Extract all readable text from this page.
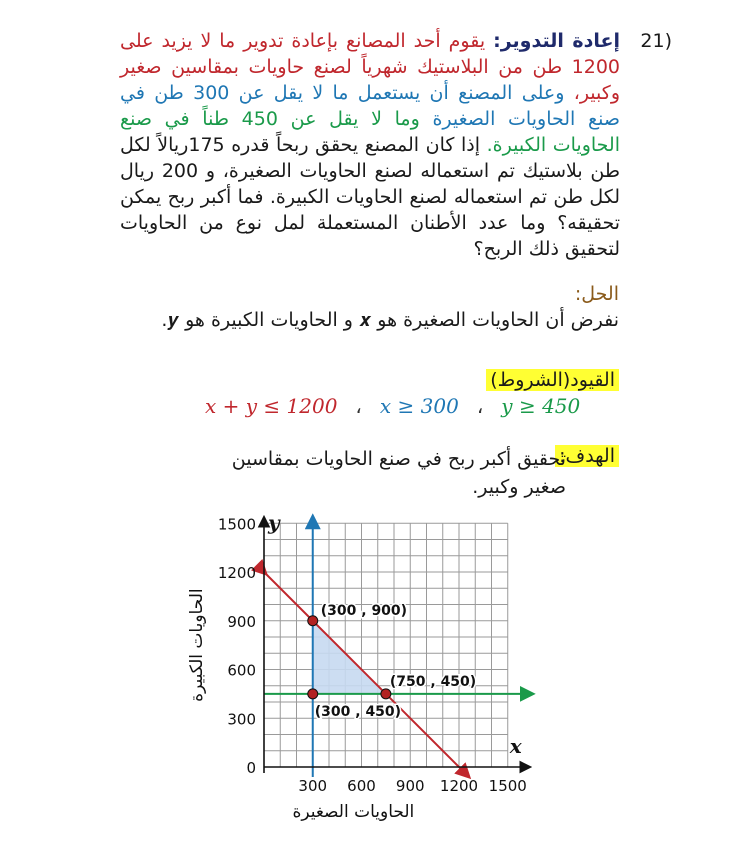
21)
إعادة التدوير: يقوم أحد المصانع بإعادة تدوير ما لا يزيد على 1200 طن من البلاستيك شهرياً لصنع حاويات بمقاسين صغير وكبير، وعلى المصنع أن يستعمل ما لا يقل عن 300 طن في صنع الحاويات الصغيرة وما لا يقل عن 450 طناً في صنع الحاويات الكبيرة. إذا كان المصنع يحقق ربحاً قدره 175ريالاً لكل طن بلاستيك تم استعماله لصنع الحاويات الصغيرة، و 200 ريال لكل طن تم استعماله لصنع الحاويات الكبيرة. فما أكبر ربح يمكن تحقيقه؟ وما عدد الأطنان المستعملة لمل نوع من الحاويات لتحقيق ذلك الربح؟
الحل:
نفرض أن الحاويات الصغيرة هو 𝒙 و الحاويات الكبيرة هو 𝒚.
القيود(الشروط)
x + y ≤ 1200 ، x ≥ 300 ، y ≥ 450
الهدف:
تحقيق أكبر ربح في صنع الحاويات بمقاسين صغير وكبير.
300 600 900 1200 1500
0
300
600
900
1200
1500
(300 , 900)
(300 , 450)
(750 , 450)
x
y
الحاويات الكبيرة
الحاويات الصغيرة
